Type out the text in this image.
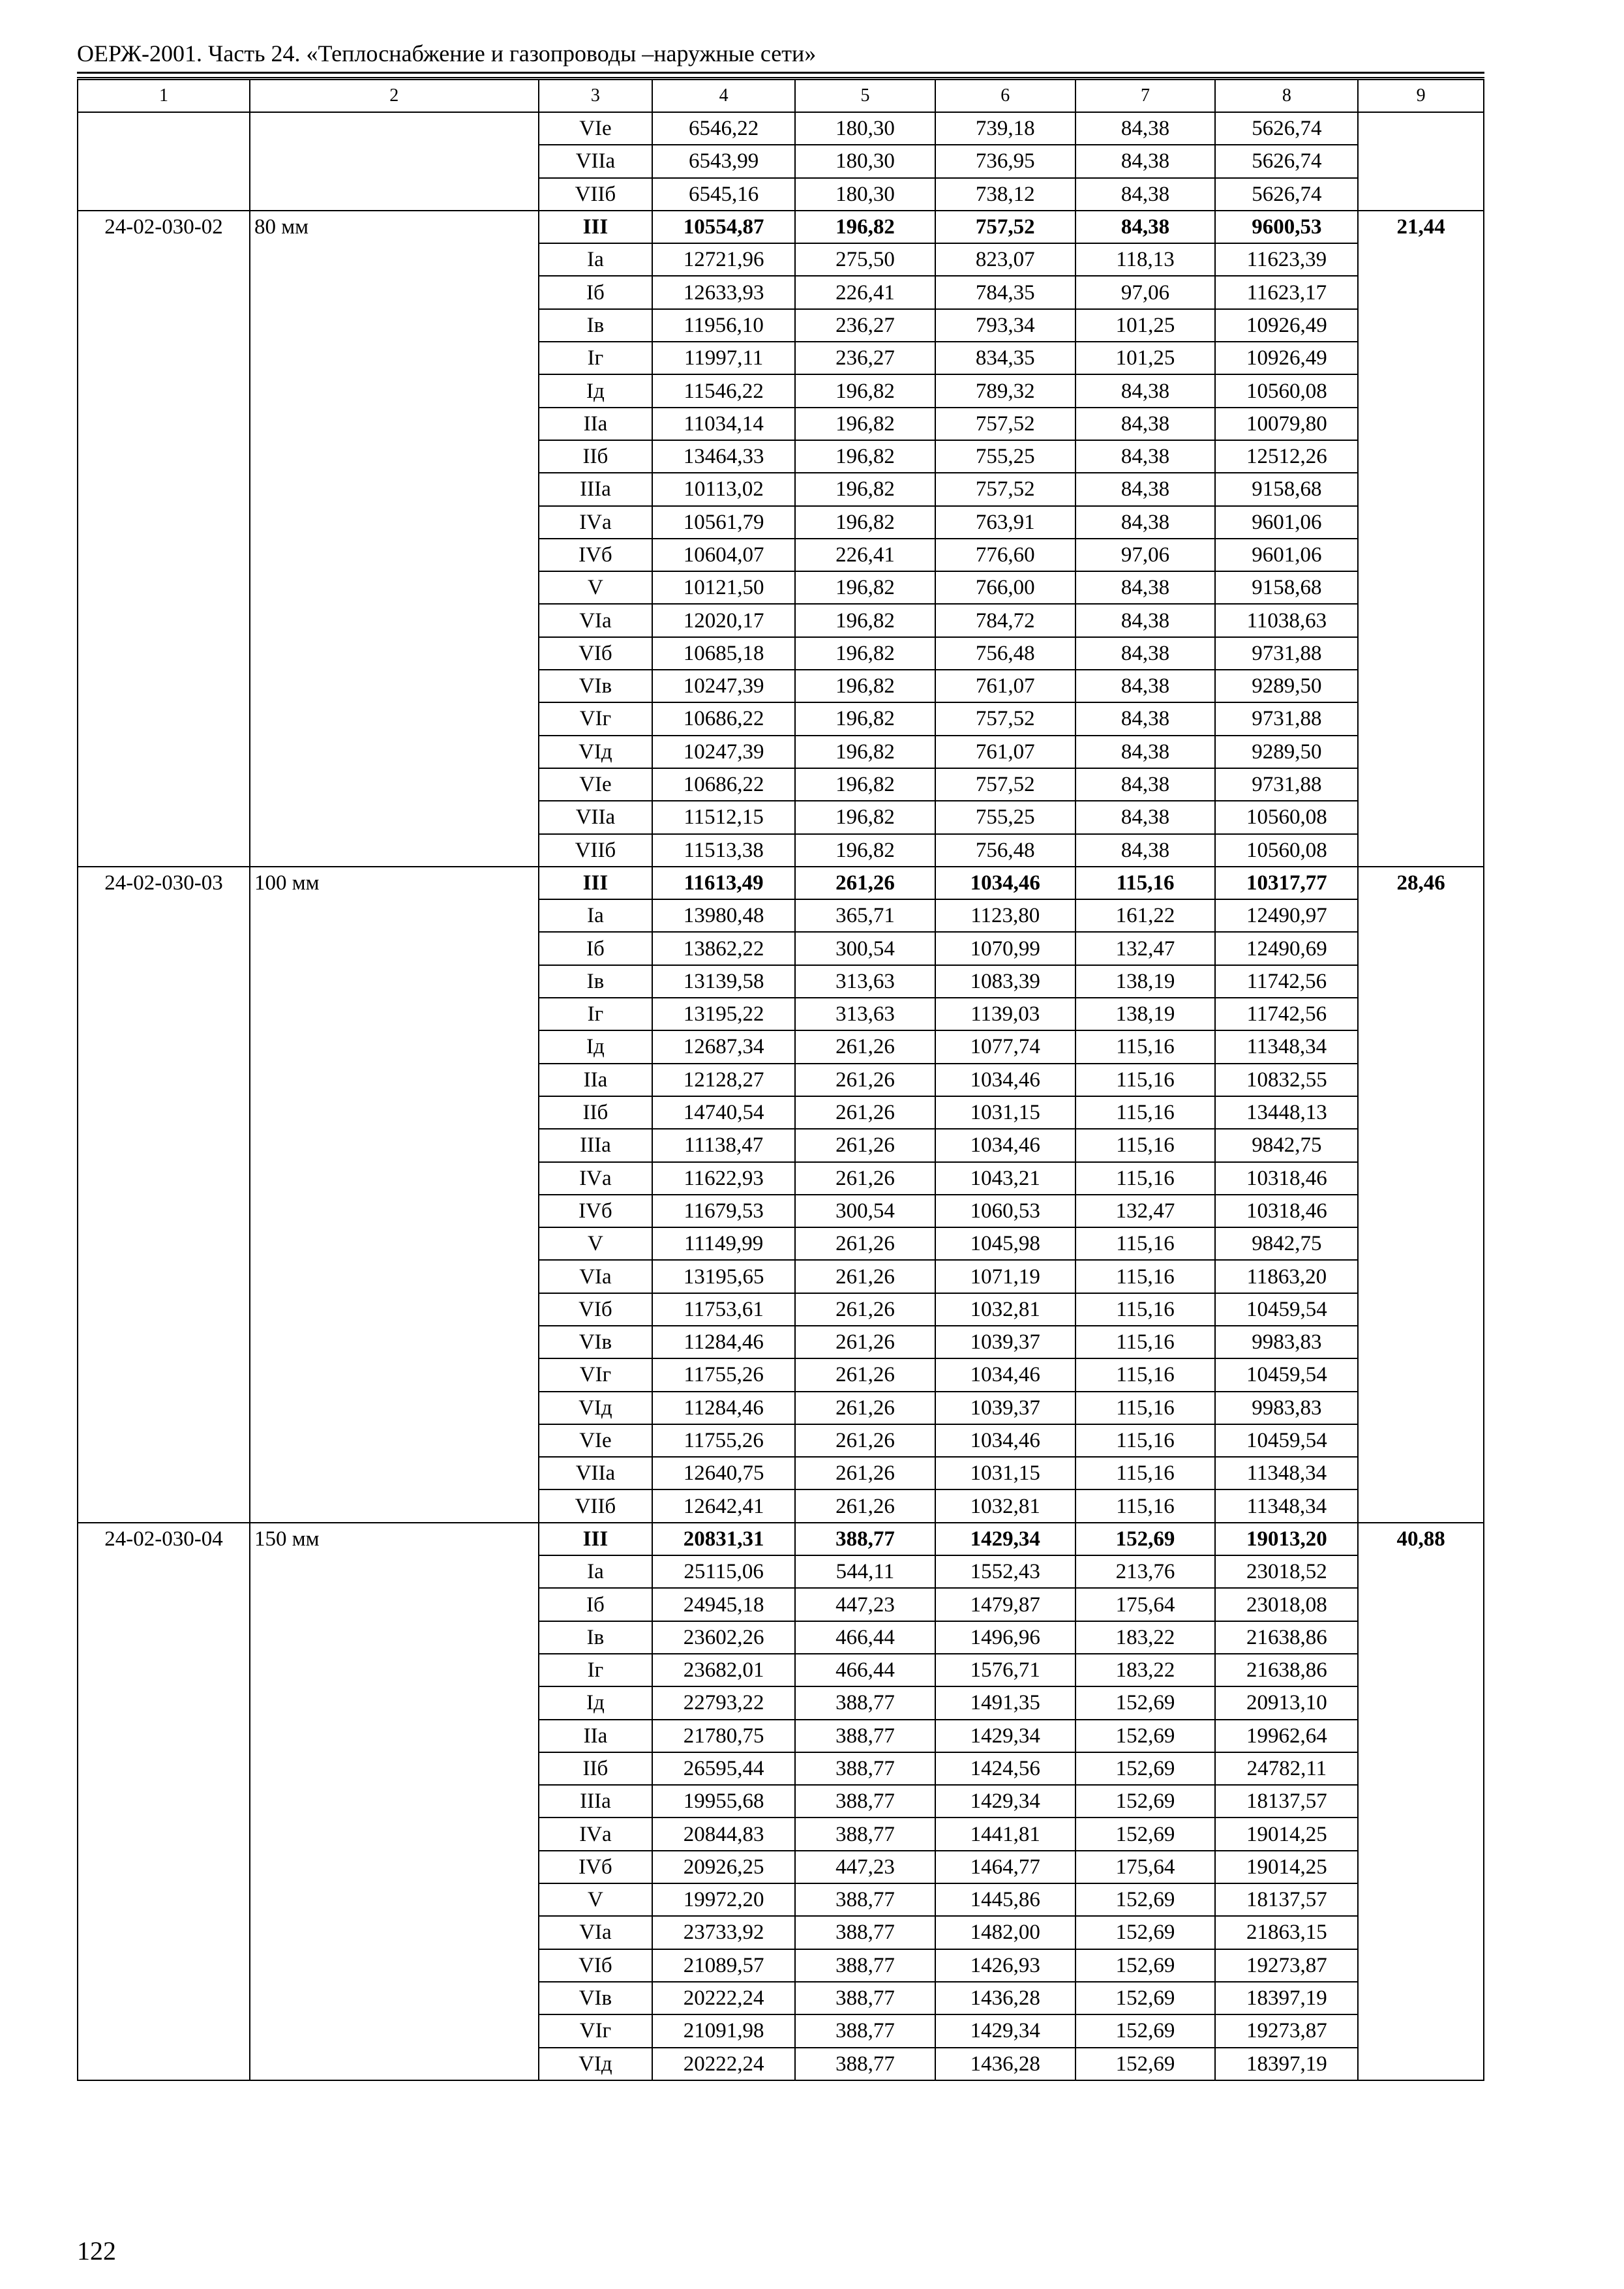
ОЕРЖ-2001. Часть 24. «Теплоснабжение и газопроводы –наружные сети»
1	2	3	4	5	6	7	8	9
		VIе	6546,22	180,30	739,18	84,38	5626,74	
		VIIа	6543,99	180,30	736,95	84,38	5626,74	
		VIIб	6545,16	180,30	738,12	84,38	5626,74	
24-02-030-02	80 мм	III	10554,87	196,82	757,52	84,38	9600,53	21,44
		Iа	12721,96	275,50	823,07	118,13	11623,39	
		Iб	12633,93	226,41	784,35	97,06	11623,17	
		Iв	11956,10	236,27	793,34	101,25	10926,49	
		Iг	11997,11	236,27	834,35	101,25	10926,49	
		Iд	11546,22	196,82	789,32	84,38	10560,08	
		IIа	11034,14	196,82	757,52	84,38	10079,80	
		IIб	13464,33	196,82	755,25	84,38	12512,26	
		IIIа	10113,02	196,82	757,52	84,38	9158,68	
		IVа	10561,79	196,82	763,91	84,38	9601,06	
		IVб	10604,07	226,41	776,60	97,06	9601,06	
		V	10121,50	196,82	766,00	84,38	9158,68	
		VIа	12020,17	196,82	784,72	84,38	11038,63	
		VIб	10685,18	196,82	756,48	84,38	9731,88	
		VIв	10247,39	196,82	761,07	84,38	9289,50	
		VIг	10686,22	196,82	757,52	84,38	9731,88	
		VIд	10247,39	196,82	761,07	84,38	9289,50	
		VIе	10686,22	196,82	757,52	84,38	9731,88	
		VIIа	11512,15	196,82	755,25	84,38	10560,08	
		VIIб	11513,38	196,82	756,48	84,38	10560,08	
24-02-030-03	100 мм	III	11613,49	261,26	1034,46	115,16	10317,77	28,46
		Iа	13980,48	365,71	1123,80	161,22	12490,97	
		Iб	13862,22	300,54	1070,99	132,47	12490,69	
		Iв	13139,58	313,63	1083,39	138,19	11742,56	
		Iг	13195,22	313,63	1139,03	138,19	11742,56	
		Iд	12687,34	261,26	1077,74	115,16	11348,34	
		IIа	12128,27	261,26	1034,46	115,16	10832,55	
		IIб	14740,54	261,26	1031,15	115,16	13448,13	
		IIIа	11138,47	261,26	1034,46	115,16	9842,75	
		IVа	11622,93	261,26	1043,21	115,16	10318,46	
		IVб	11679,53	300,54	1060,53	132,47	10318,46	
		V	11149,99	261,26	1045,98	115,16	9842,75	
		VIа	13195,65	261,26	1071,19	115,16	11863,20	
		VIб	11753,61	261,26	1032,81	115,16	10459,54	
		VIв	11284,46	261,26	1039,37	115,16	9983,83	
		VIг	11755,26	261,26	1034,46	115,16	10459,54	
		VIд	11284,46	261,26	1039,37	115,16	9983,83	
		VIе	11755,26	261,26	1034,46	115,16	10459,54	
		VIIа	12640,75	261,26	1031,15	115,16	11348,34	
		VIIб	12642,41	261,26	1032,81	115,16	11348,34	
24-02-030-04	150 мм	III	20831,31	388,77	1429,34	152,69	19013,20	40,88
		Iа	25115,06	544,11	1552,43	213,76	23018,52	
		Iб	24945,18	447,23	1479,87	175,64	23018,08	
		Iв	23602,26	466,44	1496,96	183,22	21638,86	
		Iг	23682,01	466,44	1576,71	183,22	21638,86	
		Iд	22793,22	388,77	1491,35	152,69	20913,10	
		IIа	21780,75	388,77	1429,34	152,69	19962,64	
		IIб	26595,44	388,77	1424,56	152,69	24782,11	
		IIIа	19955,68	388,77	1429,34	152,69	18137,57	
		IVа	20844,83	388,77	1441,81	152,69	19014,25	
		IVб	20926,25	447,23	1464,77	175,64	19014,25	
		V	19972,20	388,77	1445,86	152,69	18137,57	
		VIа	23733,92	388,77	1482,00	152,69	21863,15	
		VIб	21089,57	388,77	1426,93	152,69	19273,87	
		VIв	20222,24	388,77	1436,28	152,69	18397,19	
		VIг	21091,98	388,77	1429,34	152,69	19273,87	
		VIд	20222,24	388,77	1436,28	152,69	18397,19	
122
